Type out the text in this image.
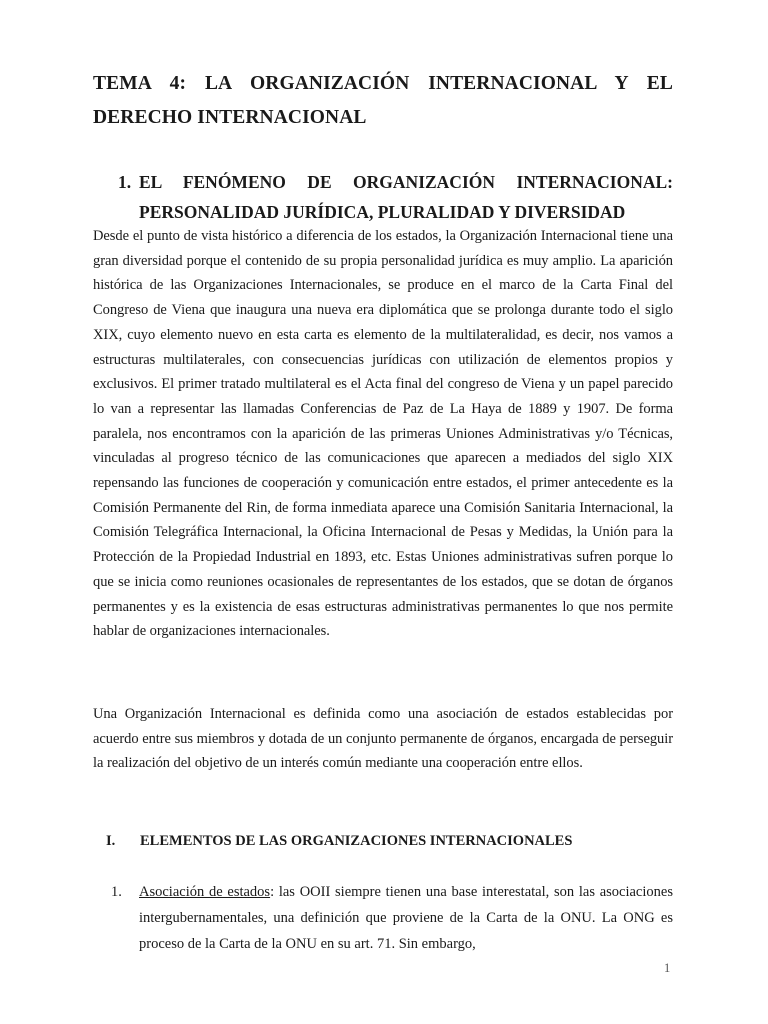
TEMA 4: LA ORGANIZACIÓN INTERNACIONAL Y EL DERECHO INTERNACIONAL
1. EL FENÓMENO DE ORGANIZACIÓN INTERNACIONAL:
PERSONALIDAD JURÍDICA, PLURALIDAD Y DIVERSIDAD

Desde el punto de vista histórico a diferencia de los estados, la Organización Internacional tiene una gran diversidad porque el contenido de su propia personalidad jurídica es muy amplio. La aparición histórica de las Organizaciones Internacionales, se produce en el marco de la Carta Final del Congreso de Viena que inaugura una nueva era diplomática que se prolonga durante todo el siglo XIX, cuyo elemento nuevo en esta carta es elemento de la multilateralidad, es decir, nos vamos a estructuras multilaterales, con consecuencias jurídicas con utilización de elementos propios y exclusivos. El primer tratado multilateral es el Acta final del congreso de Viena y un papel parecido lo van a representar las llamadas Conferencias de Paz de La Haya de 1889 y 1907. De forma paralela, nos encontramos con la aparición de las primeras Uniones Administrativas y/o Técnicas, vinculadas al progreso técnico de las comunicaciones que aparecen a mediados del siglo XIX repensando las funciones de cooperación y comunicación entre estados, el primer antecedente es la Comisión Permanente del Rin, de forma inmediata aparece una Comisión Sanitaria Internacional, la Comisión Telegráfica Internacional, la Oficina Internacional de Pesas y Medidas, la Unión para la Protección de la Propiedad Industrial en 1893, etc. Estas Uniones administrativas sufren porque lo que se inicia como reuniones ocasionales de representantes de los estados, que se dotan de órganos permanentes y es la existencia de esas estructuras administrativas permanentes lo que nos permite hablar de organizaciones internacionales.

Una Organización Internacional es definida como una asociación de estados establecidas por acuerdo entre sus miembros y dotada de un conjunto permanente de órganos, encargada de perseguir la realización del objetivo de un interés común mediante una cooperación entre ellos.

I. ELEMENTOS DE LAS ORGANIZACIONES INTERNACIONALES
1. Asociación de estados: las OOII siempre tienen una base interestatal, son las asociaciones intergubernamentales, una definición que proviene de la Carta de la ONU. La ONG es proceso de la Carta de la ONU en su art. 71. Sin embargo,
1
